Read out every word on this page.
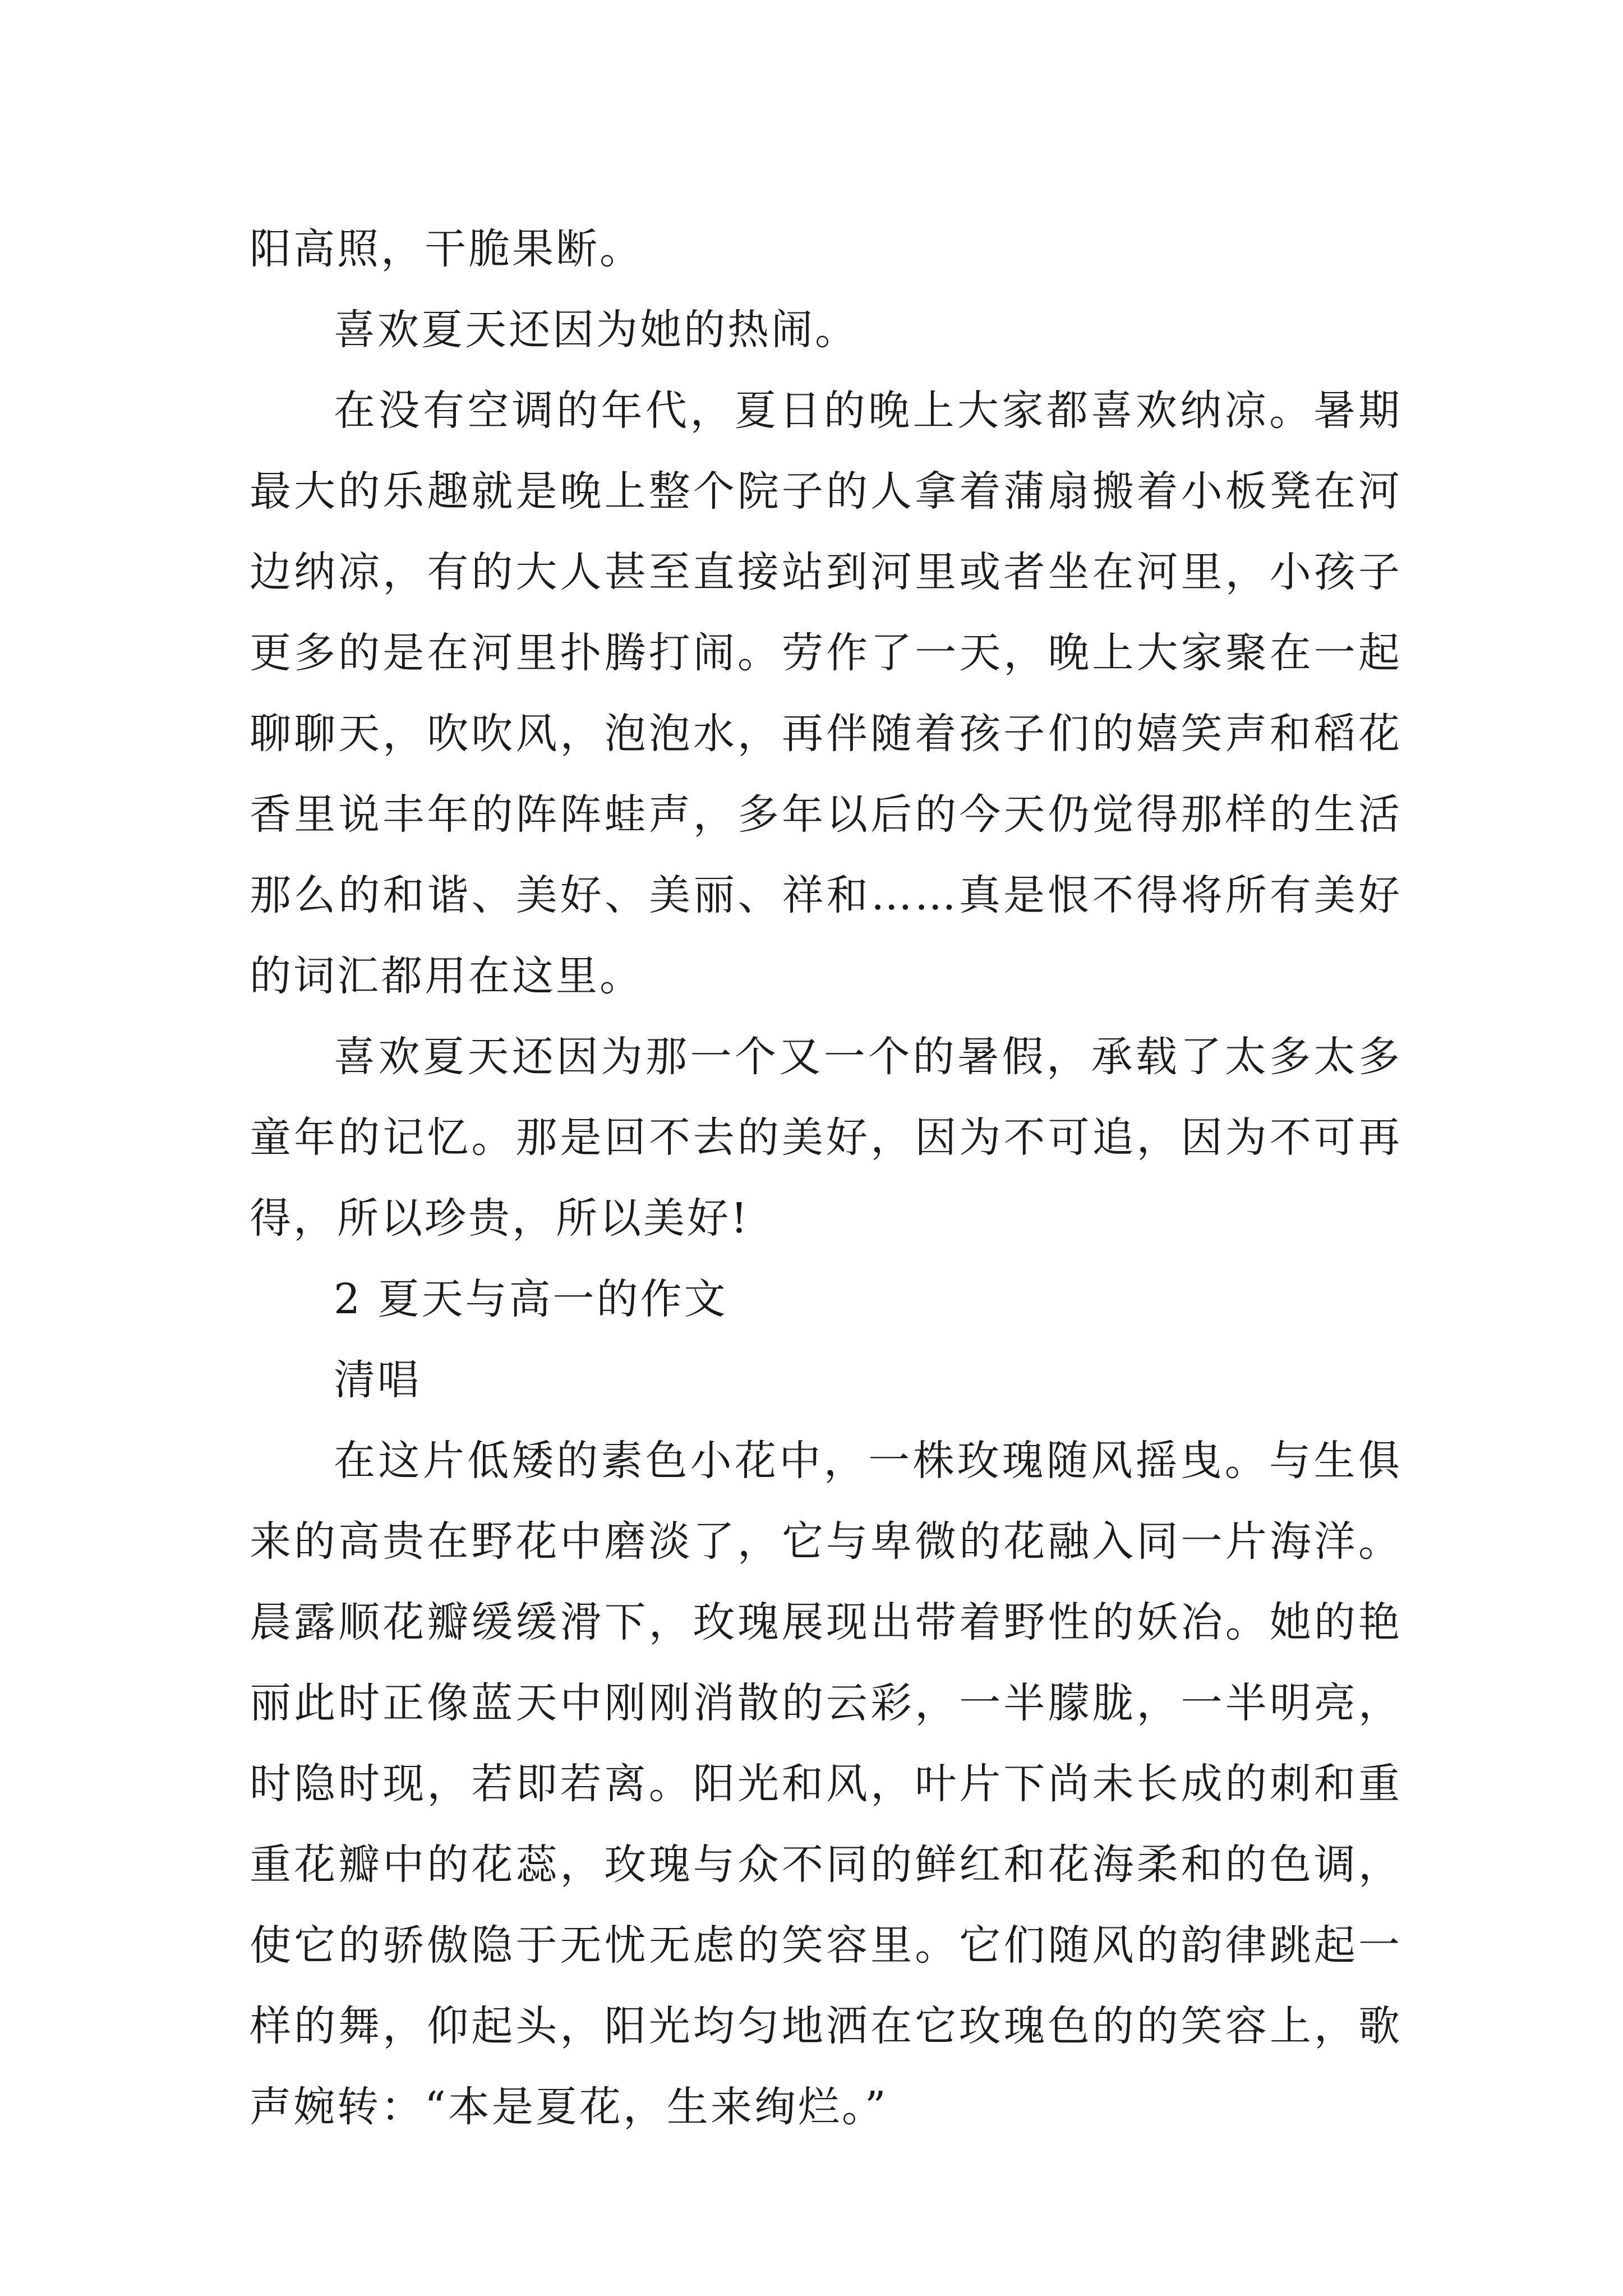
阳高照，干脆果断。

喜欢夏天还因为她的热闹。

在没有空调的年代，夏日的晚上大家都喜欢纳凉。暑期最大的乐趣就是晚上整个院子的人拿着蒲扇搬着小板凳在河边纳凉，有的大人甚至直接站到河里或者坐在河里，小孩子更多的是在河里扑腾打闹。劳作了一天，晚上大家聚在一起聊聊天，吹吹风，泡泡水，再伴随着孩子们的嬉笑声和稻花香里说丰年的阵阵蛙声，多年以后的今天仍觉得那样的生活那么的和谐、美好、美丽、祥和……真是恨不得将所有美好的词汇都用在这里。

喜欢夏天还因为那一个又一个的暑假，承载了太多太多童年的记忆。那是回不去的美好，因为不可追，因为不可再得，所以珍贵，所以美好!

2 夏天与高一的作文

清唱

在这片低矮的素色小花中，一株玫瑰随风摇曳。与生俱来的高贵在野花中磨淡了，它与卑微的花融入同一片海洋。晨露顺花瓣缓缓滑下，玫瑰展现出带着野性的妖冶。她的艳丽此时正像蓝天中刚刚消散的云彩，一半朦胧，一半明亮，时隐时现，若即若离。阳光和风，叶片下尚未长成的刺和重重花瓣中的花蕊，玫瑰与众不同的鲜红和花海柔和的色调，使它的骄傲隐于无忧无虑的笑容里。它们随风的韵律跳起一样的舞，仰起头，阳光均匀地洒在它玫瑰色的的笑容上，歌声婉转：“本是夏花，生来绚烂。”
